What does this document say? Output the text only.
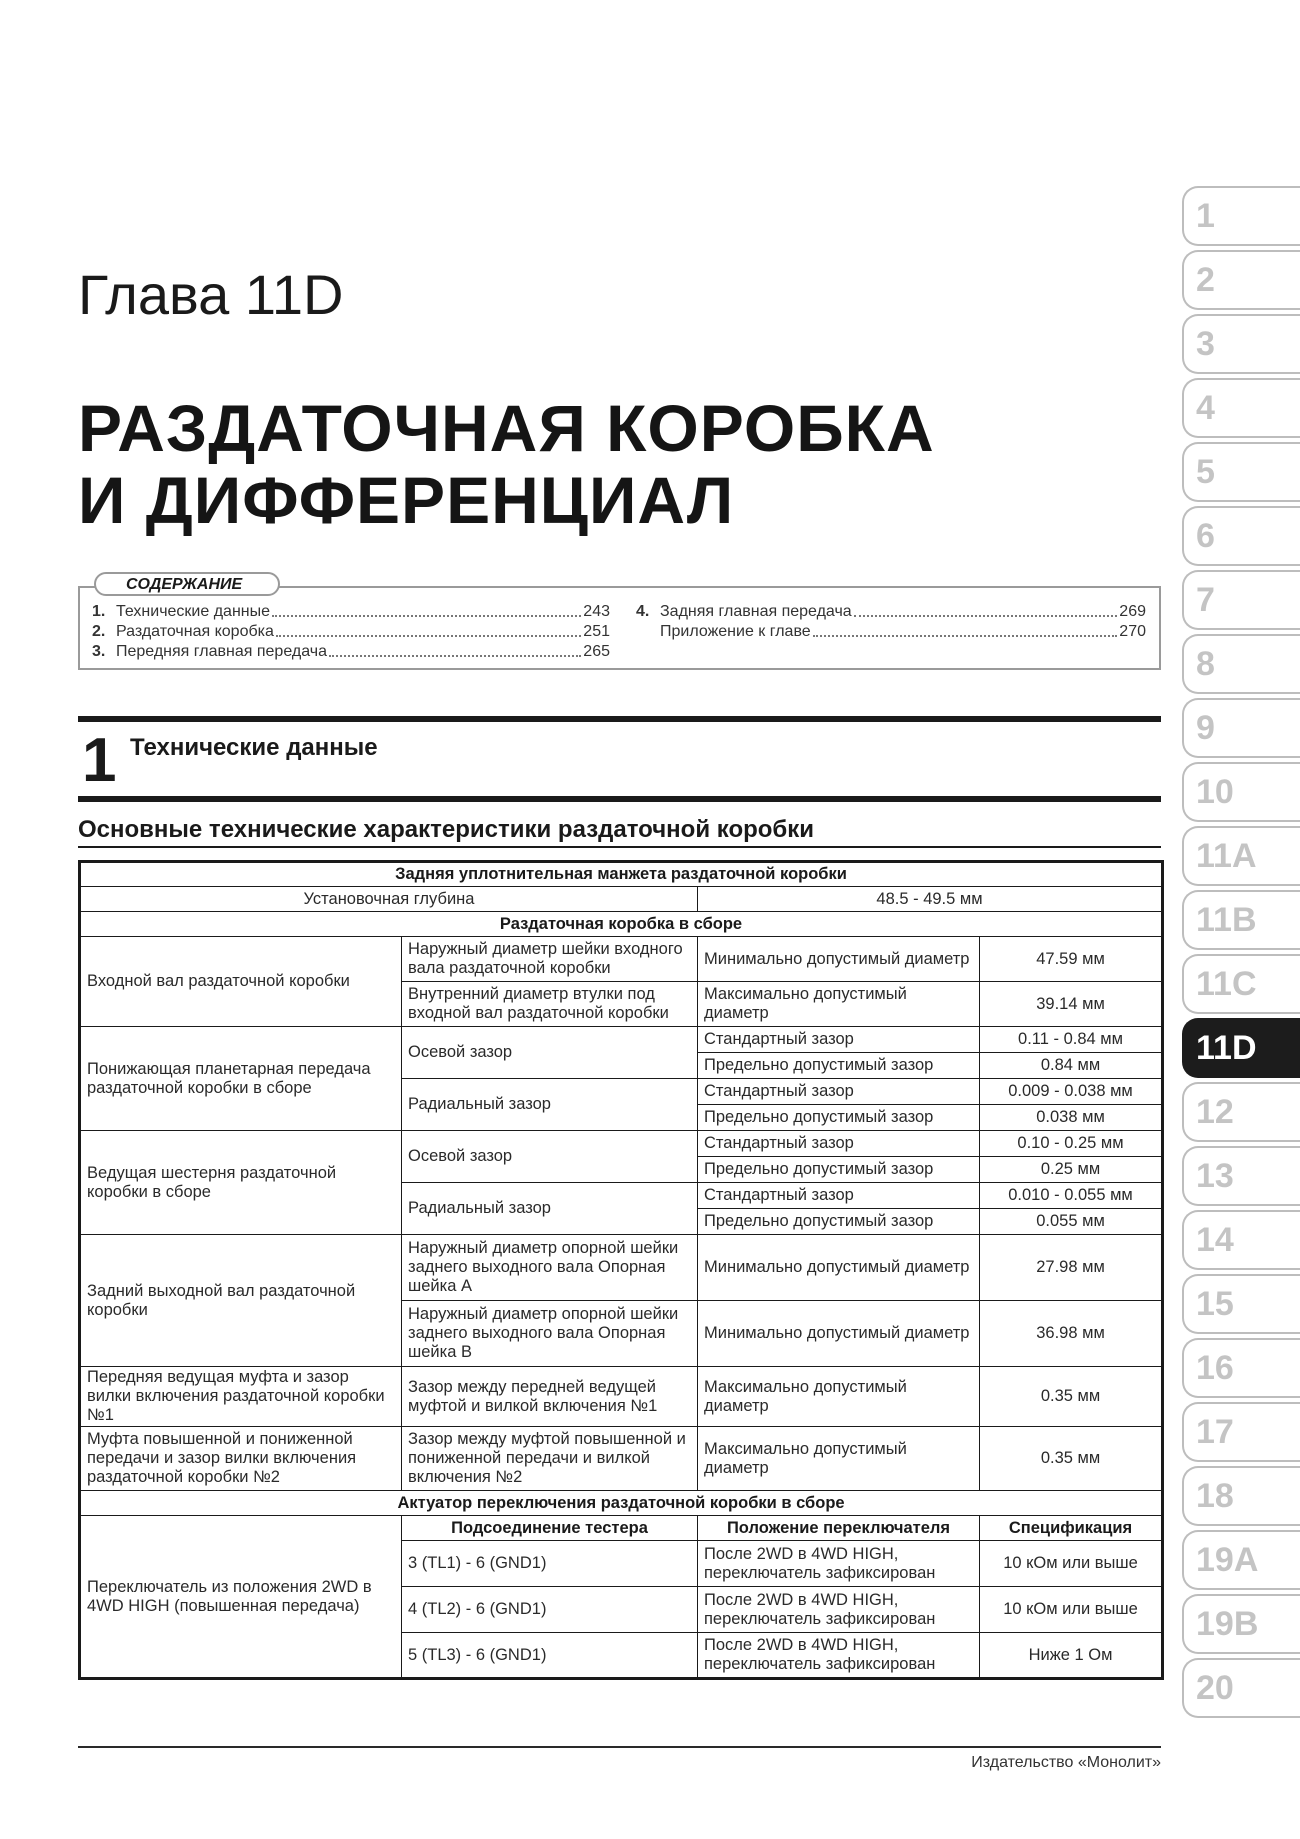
Глава 11D
РАЗДАТОЧНАЯ КОРОБКА
И ДИФФЕРЕНЦИАЛ
СОДЕРЖАНИЕ
1. Технические данные	243
2. Раздаточная коробка	251
3. Передняя главная передача	265
4. Задняя главная передача	269
Приложение к главе	270
1 Технические данные
Основные технические характеристики раздаточной коробки
Задняя уплотнительная манжета раздаточной коробки			
Установочная глубина		48.5 - 49.5 мм	
Раздаточная коробка в сборе			
Входной вал раздаточной коробки	Наружный диаметр шейки входного вала раздаточной коробки	Минимально допустимый диаметр	47.59 мм
	Внутренний диаметр втулки под входной вал раздаточной коробки	Максимально допустимый диаметр	39.14 мм
Понижающая планетарная передача раздаточной коробки в сборе	Осевой зазор	Стандартный зазор	0.11 - 0.84 мм
		Предельно допустимый зазор	0.84 мм
	Радиальный зазор	Стандартный зазор	0.009 - 0.038 мм
		Предельно допустимый зазор	0.038 мм
Ведущая шестерня раздаточной коробки в сборе	Осевой зазор	Стандартный зазор	0.10 - 0.25 мм
		Предельно допустимый зазор	0.25 мм
	Радиальный зазор	Стандартный зазор	0.010 - 0.055 мм
		Предельно допустимый зазор	0.055 мм
Задний выходной вал раздаточной коробки	Наружный диаметр опорной шейки заднего выходного вала Опорная шейка А	Минимально допустимый диаметр	27.98 мм
	Наружный диаметр опорной шейки заднего выходного вала Опорная шейка В	Минимально допустимый диаметр	36.98 мм
Передняя ведущая муфта и зазор вилки включения раздаточной коробки №1	Зазор между передней ведущей муфтой и вилкой включения №1	Максимально допустимый диаметр	0.35 мм
Муфта повышенной и пониженной передачи и зазор вилки включения раздаточной коробки №2	Зазор между муфтой повышенной и пониженной передачи и вилкой включения №2	Максимально допустимый диаметр	0.35 мм
Актуатор переключения раздаточной коробки в сборе			
Переключатель из положения 2WD в 4WD HIGH (повышенная передача)	Подсоединение тестера	Положение переключателя	Спецификация
	3 (TL1) - 6 (GND1)	После 2WD в 4WD HIGH, переключатель зафиксирован	10 кОм или выше
	4 (TL2) - 6 (GND1)	После 2WD в 4WD HIGH, переключатель зафиксирован	10 кОм или выше
	5 (TL3) - 6 (GND1)	После 2WD в 4WD HIGH, переключатель зафиксирован	Ниже 1 Ом
1
2
3
4
5
6
7
8
9
10
11A
11B
11C
11D
12
13
14
15
16
17
18
19A
19B
20
Издательство «Монолит»
